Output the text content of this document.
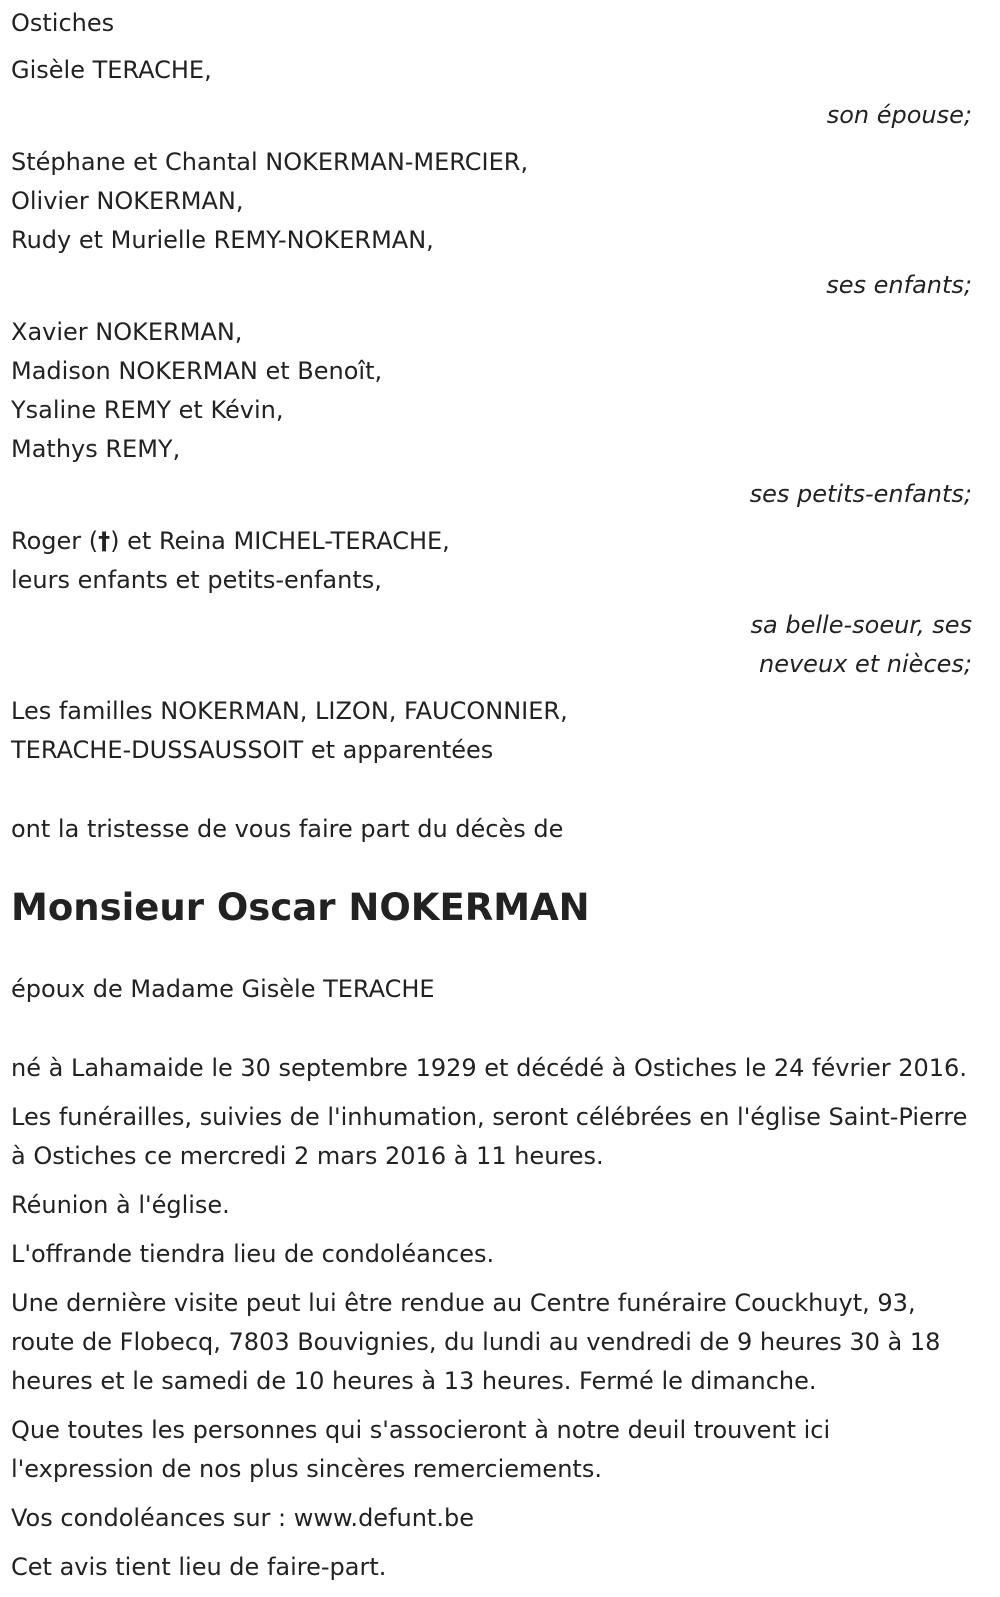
Ostiches
Gisèle TERACHE,
son épouse;
Stéphane et Chantal NOKERMAN-MERCIER,
Olivier NOKERMAN,
Rudy et Murielle REMY-NOKERMAN,
ses enfants;
Xavier NOKERMAN,
Madison NOKERMAN et Benoît,
Ysaline REMY et Kévin,
Mathys REMY,
ses petits-enfants;
Roger (†) et Reina MICHEL-TERACHE,
leurs enfants et petits-enfants,
sa belle-soeur, ses
neveux et nièces;
Les familles NOKERMAN, LIZON, FAUCONNIER,
TERACHE-DUSSAUSSOIT et apparentées
ont la tristesse de vous faire part du décès de
Monsieur Oscar NOKERMAN
époux de Madame Gisèle TERACHE
né à Lahamaide le 30 septembre 1929 et décédé à Ostiches le 24 février 2016.
Les funérailles, suivies de l'inhumation, seront célébrées en l'église Saint-Pierre à Ostiches ce mercredi 2 mars 2016 à 11 heures.
Réunion à l'église.
L'offrande tiendra lieu de condoléances.
Une dernière visite peut lui être rendue au Centre funéraire Couckhuyt, 93, route de Flobecq, 7803 Bouvignies, du lundi au vendredi de 9 heures 30 à 18 heures et le samedi de 10 heures à 13 heures. Fermé le dimanche.
Que toutes les personnes qui s'associeront à notre deuil trouvent ici l'expression de nos plus sincères remerciements.
Vos condoléances sur : www.defunt.be
Cet avis tient lieu de faire-part.
